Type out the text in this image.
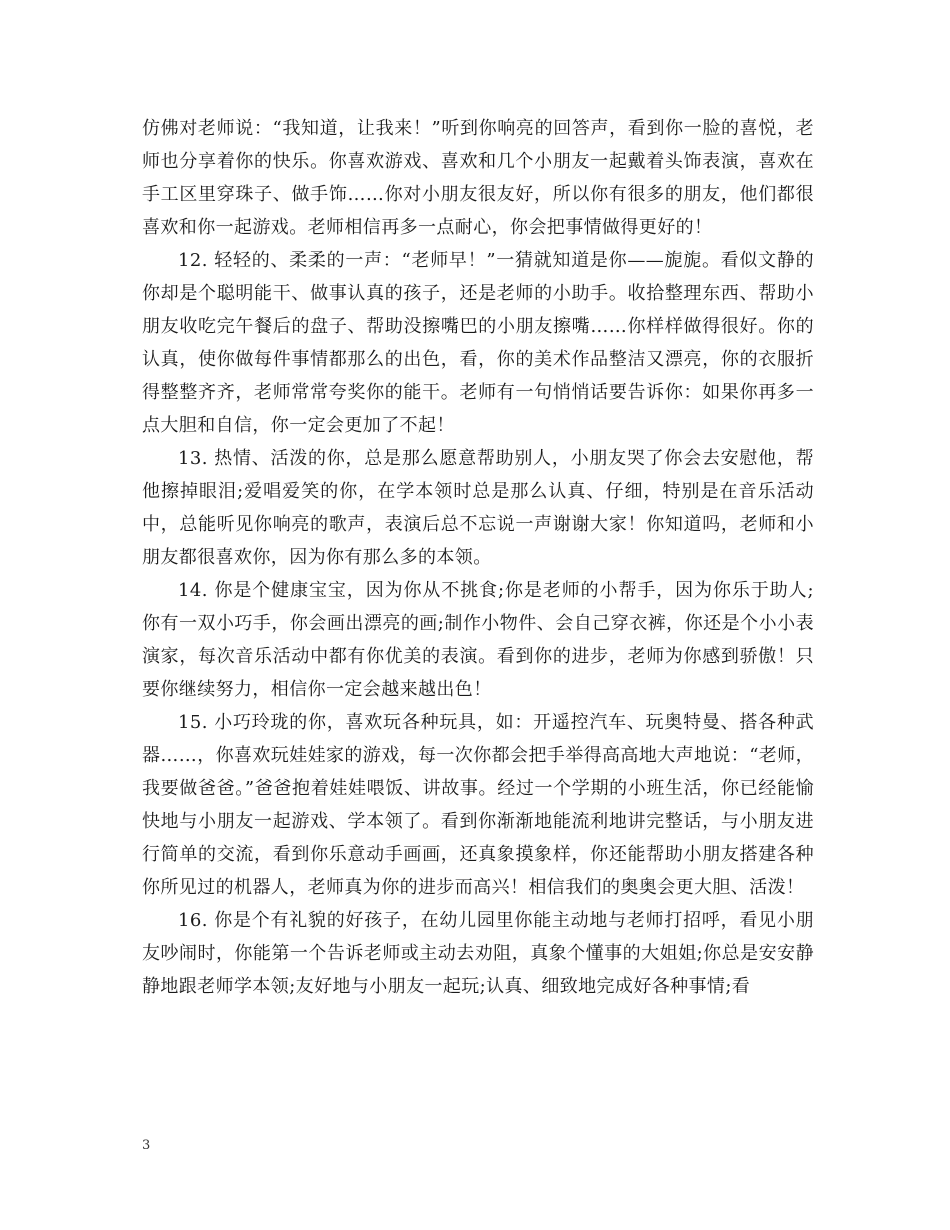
仿佛对老师说：“我知道，让我来！”听到你响亮的回答声，看到你一脸的喜悦，老师也分享着你的快乐。你喜欢游戏、喜欢和几个小朋友一起戴着头饰表演，喜欢在手工区里穿珠子、做手饰……你对小朋友很友好，所以你有很多的朋友，他们都很喜欢和你一起游戏。老师相信再多一点耐心，你会把事情做得更好的！

12. 轻轻的、柔柔的一声：“老师早！”一猜就知道是你——旎旎。看似文静的你却是个聪明能干、做事认真的孩子，还是老师的小助手。收拾整理东西、帮助小朋友收吃完午餐后的盘子、帮助没擦嘴巴的小朋友擦嘴……你样样做得很好。你的认真，使你做每件事情都那么的出色，看，你的美术作品整洁又漂亮，你的衣服折得整整齐齐，老师常常夸奖你的能干。老师有一句悄悄话要告诉你：如果你再多一点大胆和自信，你一定会更加了不起！

13. 热情、活泼的你，总是那么愿意帮助别人，小朋友哭了你会去安慰他，帮他擦掉眼泪;爱唱爱笑的你，在学本领时总是那么认真、仔细，特别是在音乐活动中，总能听见你响亮的歌声，表演后总不忘说一声谢谢大家！你知道吗，老师和小朋友都很喜欢你，因为你有那么多的本领。

14. 你是个健康宝宝，因为你从不挑食;你是老师的小帮手，因为你乐于助人;你有一双小巧手，你会画出漂亮的画;制作小物件、会自己穿衣裤，你还是个小小表演家，每次音乐活动中都有你优美的表演。看到你的进步，老师为你感到骄傲！只要你继续努力，相信你一定会越来越出色！

15. 小巧玲珑的你，喜欢玩各种玩具，如：开遥控汽车、玩奥特曼、搭各种武器……，你喜欢玩娃娃家的游戏，每一次你都会把手举得高高地大声地说：“老师，我要做爸爸。”爸爸抱着娃娃喂饭、讲故事。经过一个学期的小班生活，你已经能愉快地与小朋友一起游戏、学本领了。看到你渐渐地能流利地讲完整话，与小朋友进行简单的交流，看到你乐意动手画画，还真象摸象样，你还能帮助小朋友搭建各种你所见过的机器人，老师真为你的进步而高兴！相信我们的奥奥会更大胆、活泼！

16. 你是个有礼貌的好孩子，在幼儿园里你能主动地与老师打招呼，看见小朋友吵闹时，你能第一个告诉老师或主动去劝阻，真象个懂事的大姐姐;你总是安安静静地跟老师学本领;友好地与小朋友一起玩;认真、细致地完成好各种事情;看

3
